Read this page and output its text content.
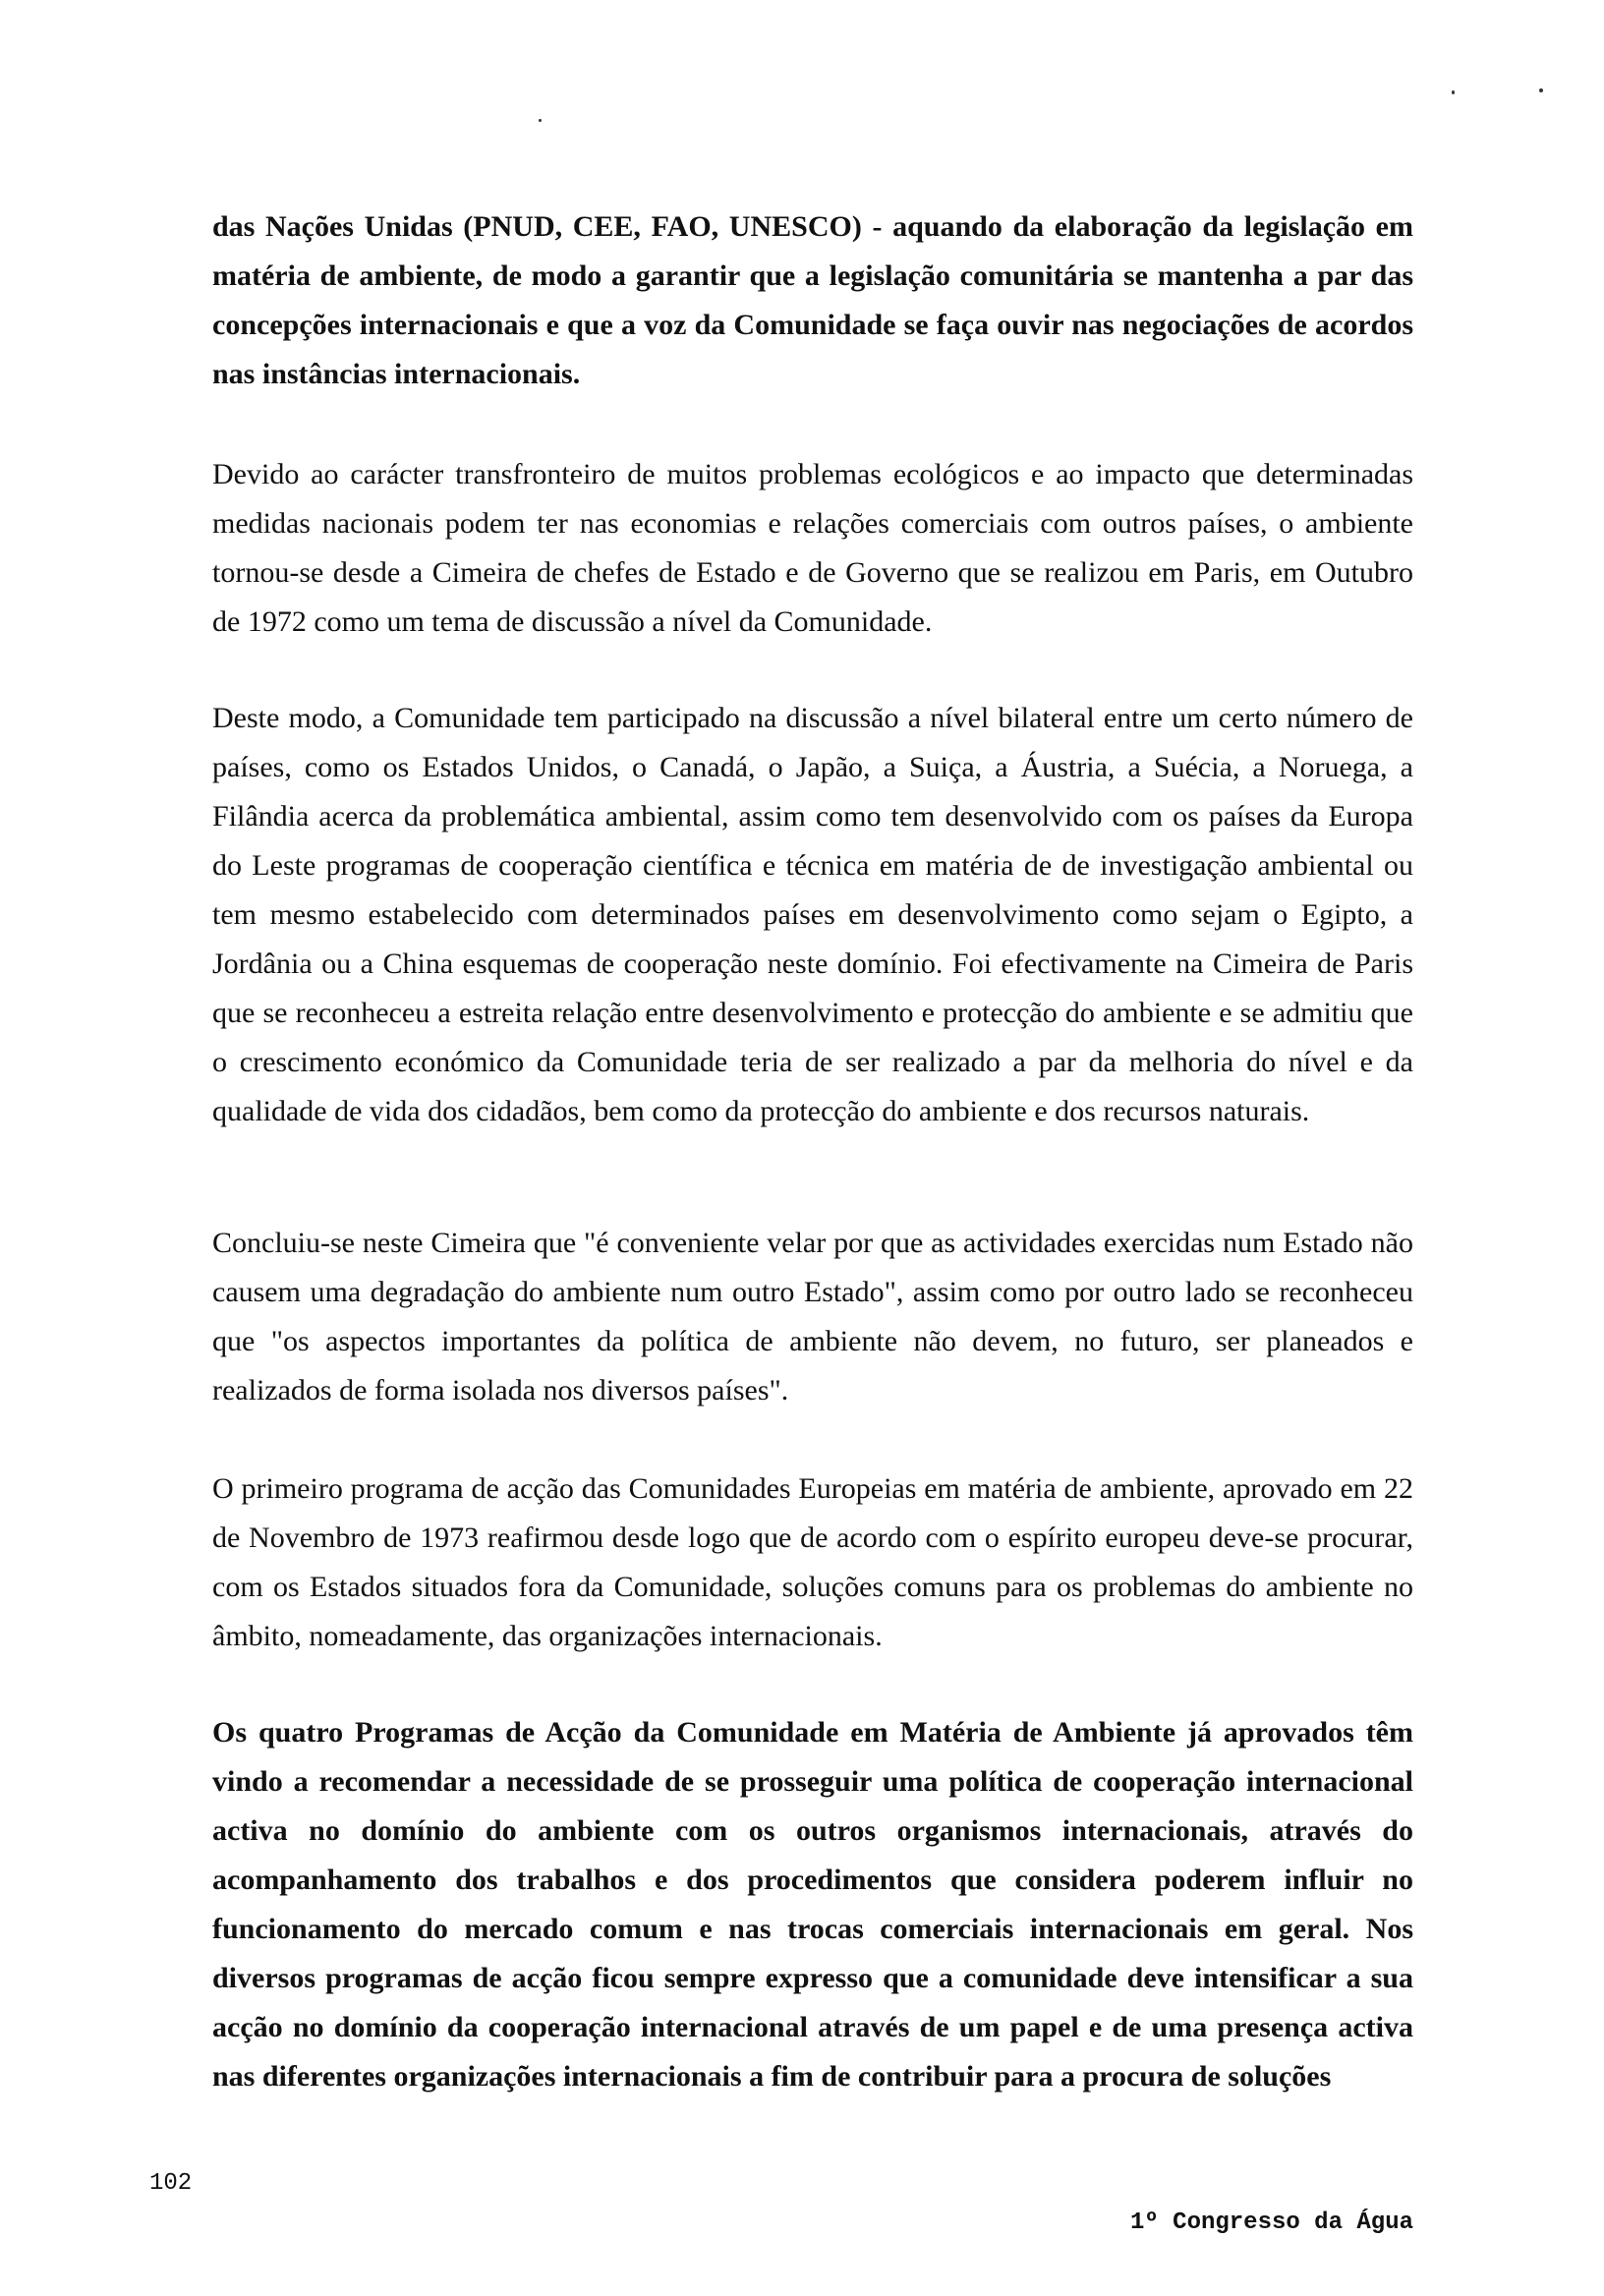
das Nações Unidas (PNUD, CEE, FAO, UNESCO) - aquando da elaboração da legislação em matéria de ambiente, de modo a garantir que a legislação comunitária se mantenha a par das concepções internacionais e que a voz da Comunidade se faça ouvir nas negociações de acordos nas instâncias internacionais.

Devido ao carácter transfronteiro de muitos problemas ecológicos e ao impacto que determinadas medidas nacionais podem ter nas economias e relações comerciais com outros países, o ambiente tornou-se desde a Cimeira de chefes de Estado e de Governo que se realizou em Paris, em Outubro de 1972 como um tema de discussão a nível da Comunidade.

Deste modo, a Comunidade tem participado na discussão a nível bilateral entre um certo número de países, como os Estados Unidos, o Canadá, o Japão, a Suiça, a Áustria, a Suécia, a Noruega, a Filândia acerca da problemática ambiental, assim como tem desenvolvido com os países da Europa do Leste programas de cooperação científica e técnica em matéria de de investigação ambiental ou tem mesmo estabelecido com determinados países em desenvolvimento como sejam o Egipto, a Jordânia ou a China esquemas de cooperação neste domínio. Foi efectivamente na Cimeira de Paris que se reconheceu a estreita relação entre desenvolvimento e protecção do ambiente e se admitiu que o crescimento económico da Comunidade teria de ser realizado a par da melhoria do nível e da qualidade de vida dos cidadãos, bem como da protecção do ambiente e dos recursos naturais.

Concluiu-se neste Cimeira que "é conveniente velar por que as actividades exercidas num Estado não causem uma degradação do ambiente num outro Estado", assim como por outro lado se reconheceu que "os aspectos importantes da política de ambiente não devem, no futuro, ser planeados e realizados de forma isolada nos diversos países".

O primeiro programa de acção das Comunidades Europeias em matéria de ambiente, aprovado em 22 de Novembro de 1973 reafirmou desde logo que de acordo com o espírito europeu deve-se procurar, com os Estados situados fora da Comunidade, soluções comuns para os problemas do ambiente no âmbito, nomeadamente, das organizações internacionais.

Os quatro Programas de Acção da Comunidade em Matéria de Ambiente já aprovados têm vindo a recomendar a necessidade de se prosseguir uma política de cooperação internacional activa no domínio do ambiente com os outros organismos internacionais, através do acompanhamento dos trabalhos e dos procedimentos que considera poderem influir no funcionamento do mercado comum e nas trocas comerciais internacionais em geral. Nos diversos programas de acção ficou sempre expresso que a comunidade deve intensificar a sua acção no domínio da cooperação internacional através de um papel e de uma presença activa nas diferentes organizações internacionais a fim de contribuir para a procura de soluções

102
1º Congresso da Água
